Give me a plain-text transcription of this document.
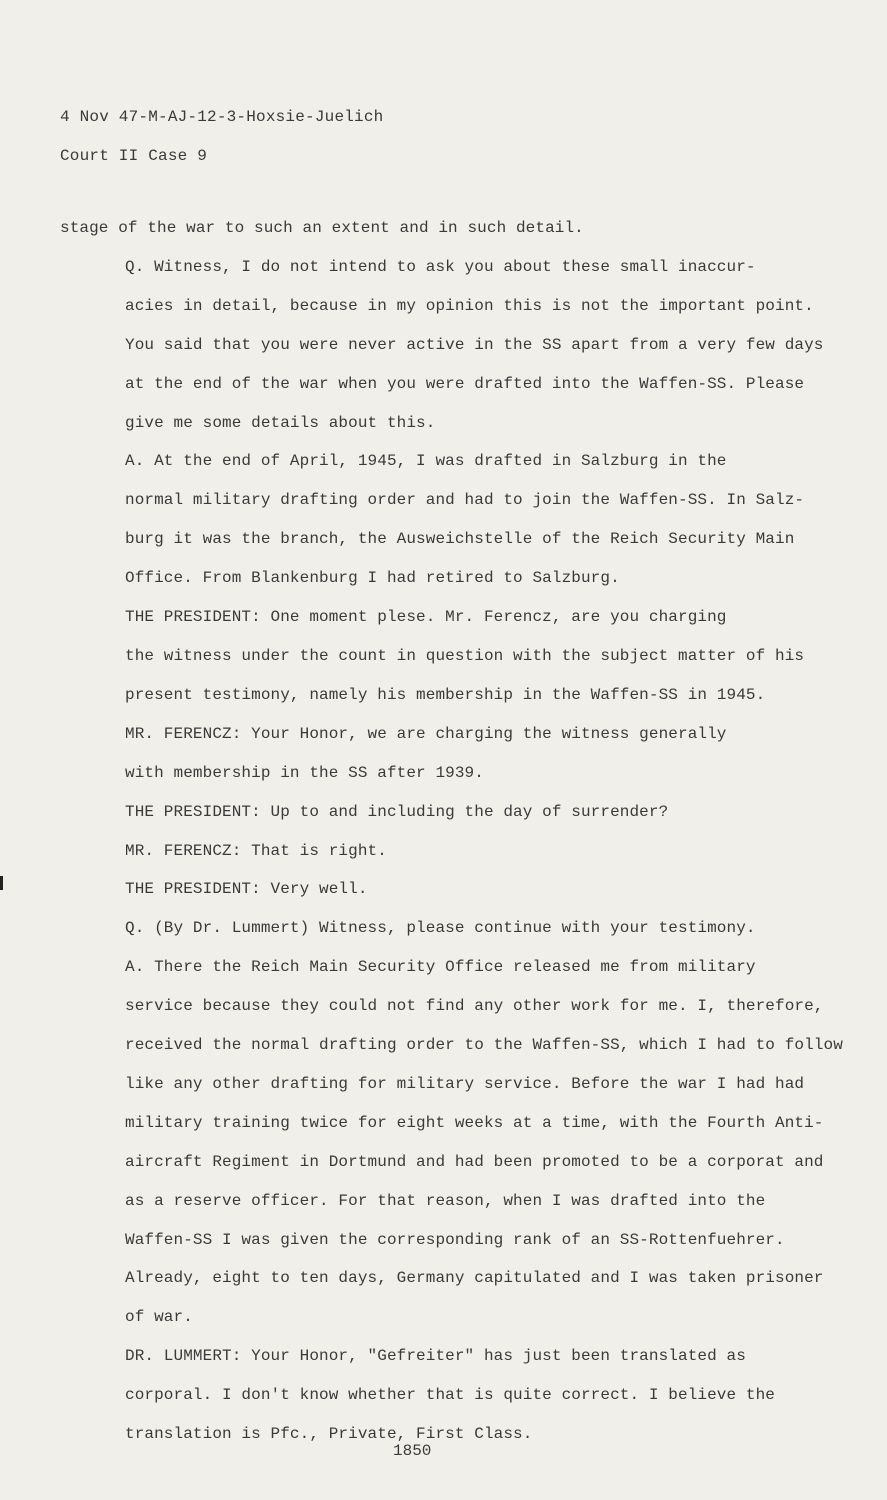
4 Nov 47-M-AJ-12-3-Hoxsie-Juelich
Court II Case 9
stage of the war to such an extent and in such detail.
Q. Witness, I do not intend to ask you about these small inaccur-
acies in detail, because in my opinion this is not the important point.
You said that you were never active in the SS apart from a very few days
at the end of the war when you were drafted into the Waffen-SS. Please
give me some details about this.
A. At the end of April, 1945, I was drafted in Salzburg in the
normal military drafting order and had to join the Waffen-SS. In Salz-
burg it was the branch, the Ausweichstelle of the Reich Security Main
Office. From Blankenburg I had retired to Salzburg.
THE PRESIDENT: One moment plese. Mr. Ferencz, are you charging
the witness under the count in question with the subject matter of his
present testimony, namely his membership in the Waffen-SS in 1945.
MR. FERENCZ: Your Honor, we are charging the witness generally
with membership in the SS after 1939.
THE PRESIDENT: Up to and including the day of surrender?
MR. FERENCZ: That is right.
THE PRESIDENT: Very well.
Q. (By Dr. Lummert) Witness, please continue with your testimony.
A. There the Reich Main Security Office released me from military
service because they could not find any other work for me. I, therefore,
received the normal drafting order to the Waffen-SS, which I had to follow
like any other drafting for military service. Before the war I had had
military training twice for eight weeks at a time, with the Fourth Anti-
aircraft Regiment in Dortmund and had been promoted to be a corporat and
as a reserve officer. For that reason, when I was drafted into the
Waffen-SS I was given the corresponding rank of an SS-Rottenfuehrer.
Already, eight to ten days, Germany capitulated and I was taken prisoner
of war.
DR. LUMMERT: Your Honor, "Gefreiter" has just been translated as
corporal. I don't know whether that is quite correct. I believe the
translation is Pfc., Private, First Class.
1850
